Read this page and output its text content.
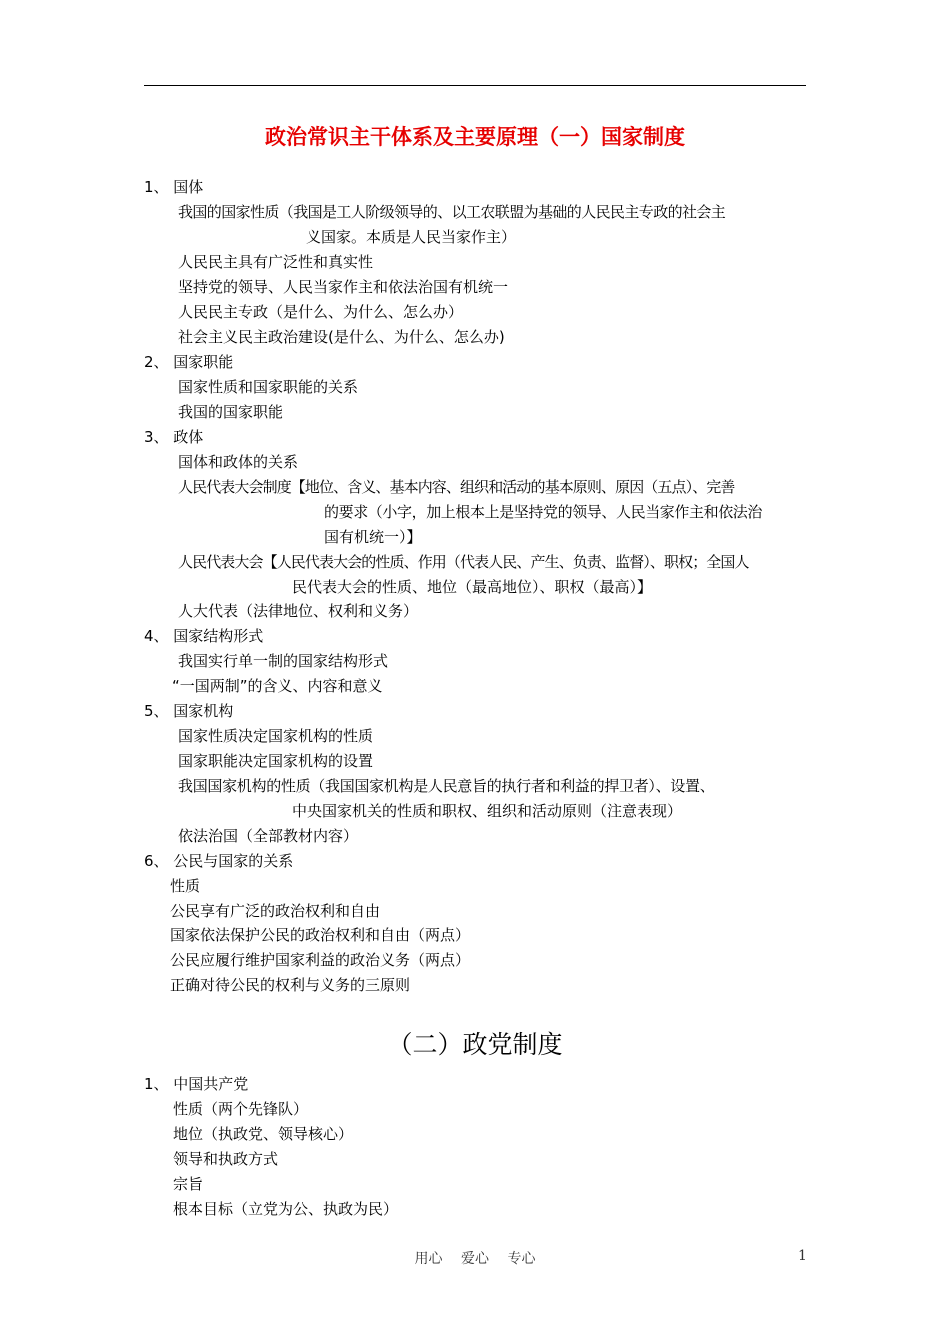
政治常识主干体系及主要原理（一）国家制度
1、 国体
我国的国家性质（我国是工人阶级领导的、以工农联盟为基础的人民民主专政的社会主
义国家。本质是人民当家作主）
人民民主具有广泛性和真实性
坚持党的领导、人民当家作主和依法治国有机统一
人民民主专政（是什么、为什么、怎么办）
社会主义民主政治建设(是什么、为什么、怎么办)
2、 国家职能
国家性质和国家职能的关系
我国的国家职能
3、 政体
国体和政体的关系
人民代表大会制度【地位、含义、基本内容、组织和活动的基本原则、原因（五点）、完善
的要求（小字，加上根本上是坚持党的领导、人民当家作主和依法治
国有机统一）】
人民代表大会【人民代表大会的性质、作用（代表人民、产生、负责、监督）、职权；全国人
民代表大会的性质、地位（最高地位）、职权（最高）】
人大代表（法律地位、权利和义务）
4、 国家结构形式
我国实行单一制的国家结构形式
“一国两制”的含义、内容和意义
5、 国家机构
国家性质决定国家机构的性质
国家职能决定国家机构的设置
我国国家机构的性质（我国国家机构是人民意旨的执行者和利益的捍卫者）、设置、
中央国家机关的性质和职权、组织和活动原则（注意表现）
依法治国（全部教材内容）
6、 公民与国家的关系
性质
公民享有广泛的政治权利和自由
国家依法保护公民的政治权利和自由（两点）
公民应履行维护国家利益的政治义务（两点）
正确对待公民的权利与义务的三原则
（二）政党制度
1、 中国共产党
性质（两个先锋队）
地位（执政党、领导核心）
领导和执政方式
宗旨
根本目标（立党为公、执政为民）
用心 爱心 专心	1
